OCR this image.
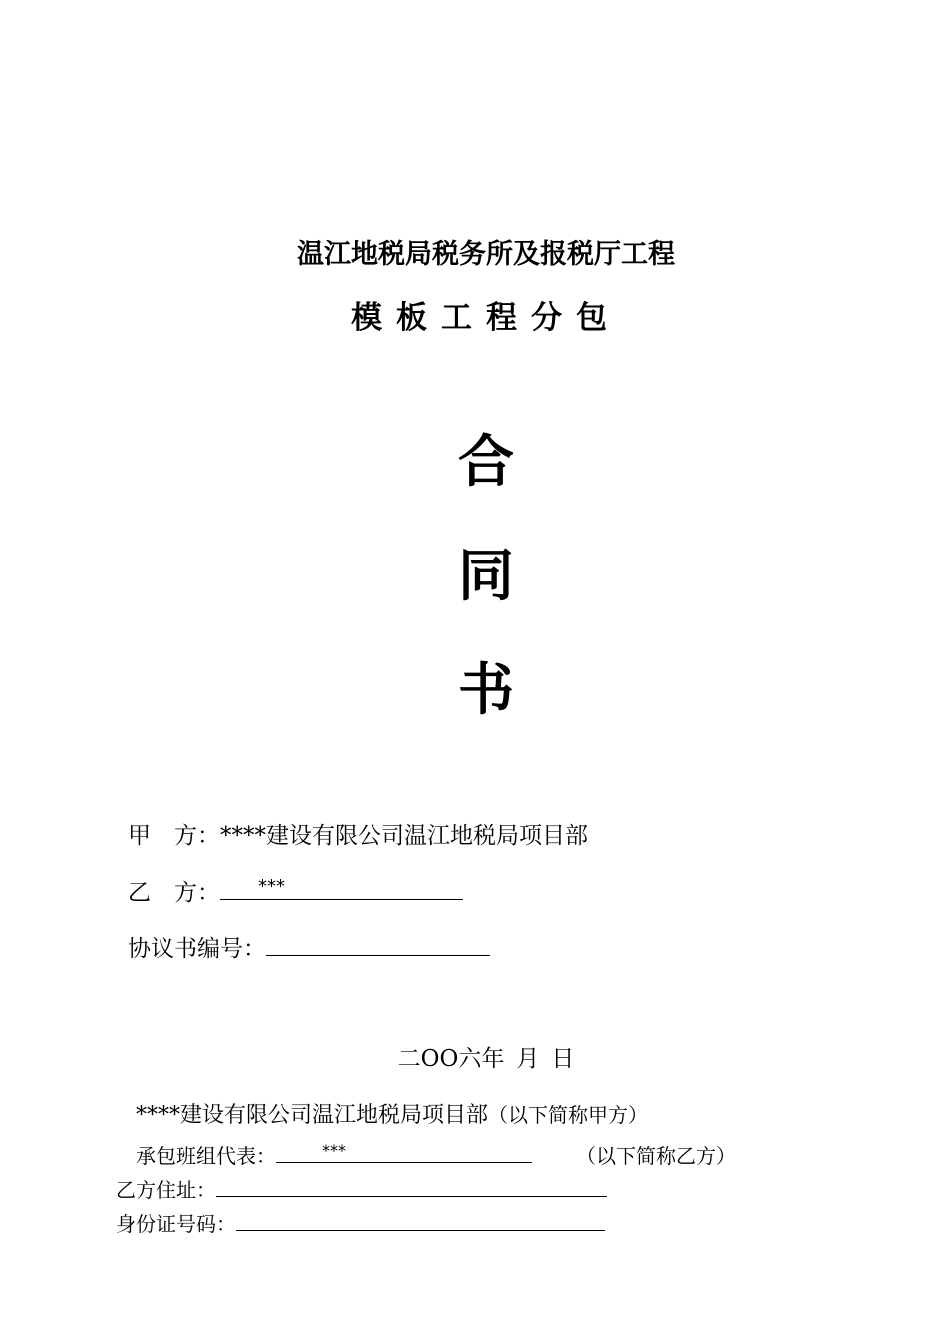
温江地税局税务所及报税厅工程
模板工程分包
合
同
书
甲　方：****建设有限公司温江地税局项目部
乙　方： ***
协议书编号：
二OO六年 月 日
****建设有限公司温江地税局项目部（以下简称甲方）
承包班组代表：	***	（以下简称乙方）
乙方住址：
身份证号码：
